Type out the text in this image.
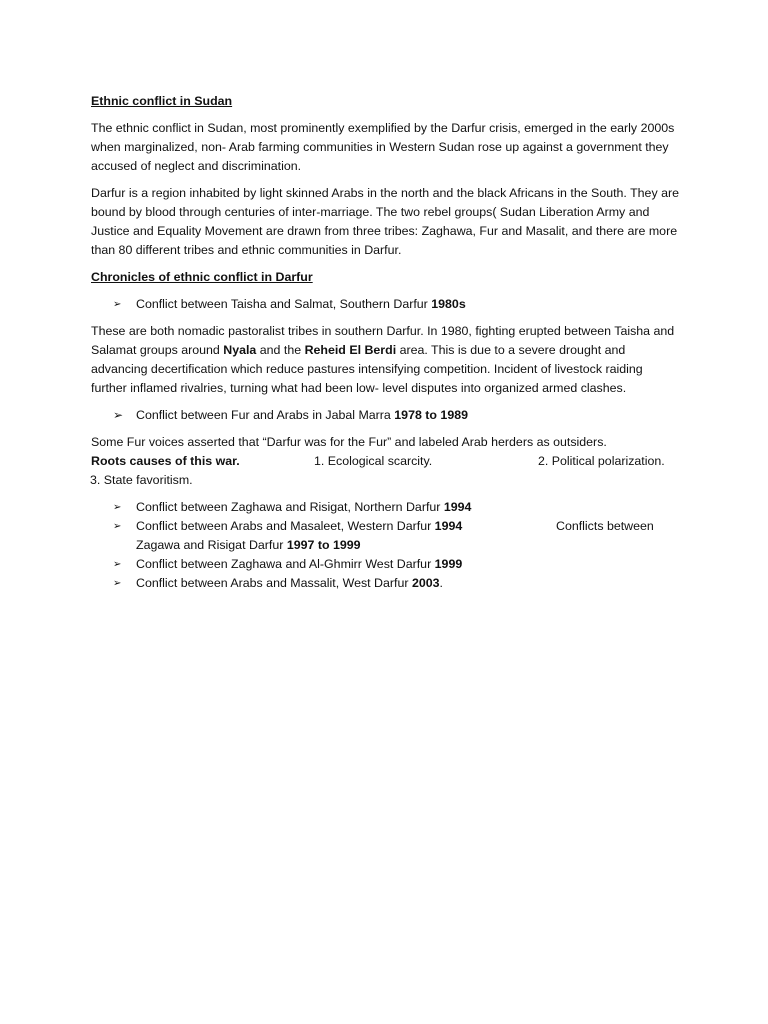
Ethnic conflict in Sudan

The ethnic conflict in Sudan, most prominently exemplified by the Darfur crisis, emerged in the early 2000s when marginalized, non- Arab farming communities in Western Sudan rose up against a government they accused of neglect and discrimination.

Darfur is a region inhabited by light skinned Arabs in the north and the black Africans in the South. They are bound by blood through centuries of inter-marriage. The two rebel groups( Sudan Liberation Army and Justice and Equality Movement are drawn from three tribes: Zaghawa, Fur and Masalit, and there are more than 80 different tribes and ethnic communities in Darfur.

Chronicles of ethnic conflict in Darfur
➢	Conflict between Taisha and Salmat, Southern Darfur 1980s

These are both nomadic pastoralist tribes in southern Darfur. In 1980, fighting erupted between Taisha and Salamat groups around Nyala and the Reheid El Berdi area. This is due to a severe drought and advancing decertification which reduce pastures intensifying competition. Incident of livestock raiding further inflamed rivalries, turning what had been low- level disputes into organized armed clashes.

➢	Conflict between Fur and Arabs in Jabal Marra 1978 to 1989
Some Fur voices asserted that “Darfur was for the Fur” and labeled Arab herders as outsiders.
Roots causes of this war.	1. Ecological scarcity.	2. Political polarization.
3. State favoritism.
➢	Conflict between Zaghawa and Risigat, Northern Darfur 1994
➢	Conflict between Arabs and Masaleet, Western Darfur 1994	Conflicts between
Zagawa and Risigat Darfur 1997 to 1999
➢	Conflict between Zaghawa and Al-Ghmirr West Darfur 1999
➢	Conflict between Arabs and Massalit, West Darfur 2003.
